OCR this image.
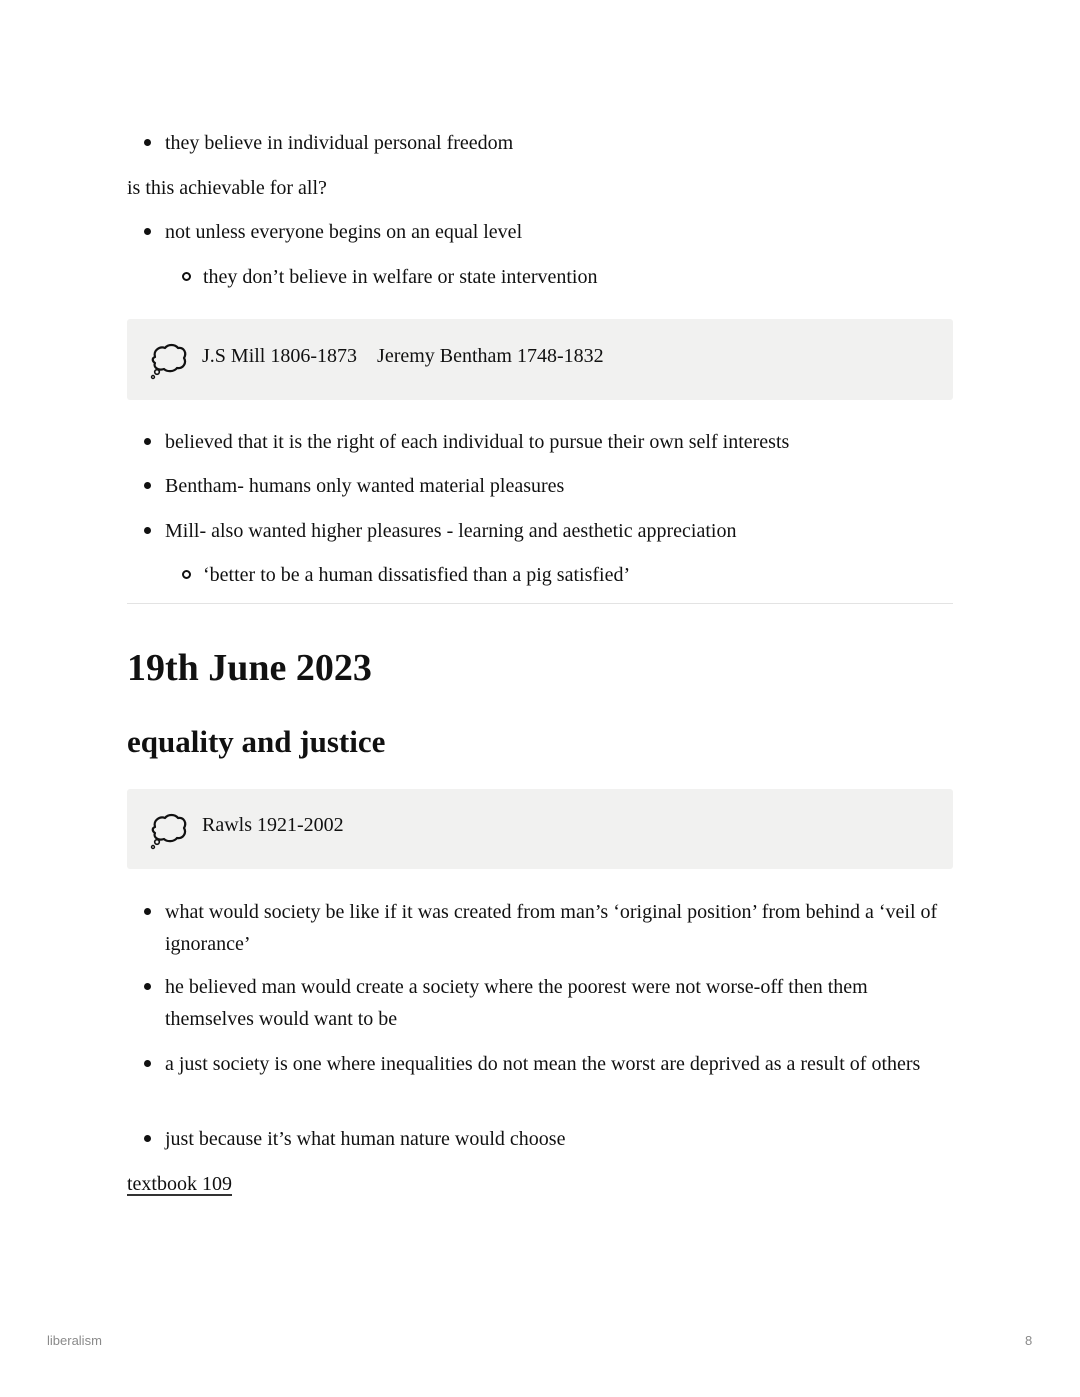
they believe in individual personal freedom
is this achievable for all?
not unless everyone begins on an equal level
they don’t believe in welfare or state intervention
J.S Mill 1806-1873 Jeremy Bentham 1748-1832
believed that it is the right of each individual to pursue their own self interests
Bentham- humans only wanted material pleasures
Mill- also wanted higher pleasures - learning and aesthetic appreciation
‘better to be a human dissatisfied than a pig satisfied’
19th June 2023
equality and justice
Rawls 1921-2002
what would society be like if it was created from man’s ‘original position’ from behind a ‘veil of ignorance’
he believed man would create a society where the poorest were not worse-off then them themselves would want to be
a just society is one where inequalities do not mean the worst are deprived as a result of others
just because it’s what human nature would choose
textbook 109
liberalism	8
